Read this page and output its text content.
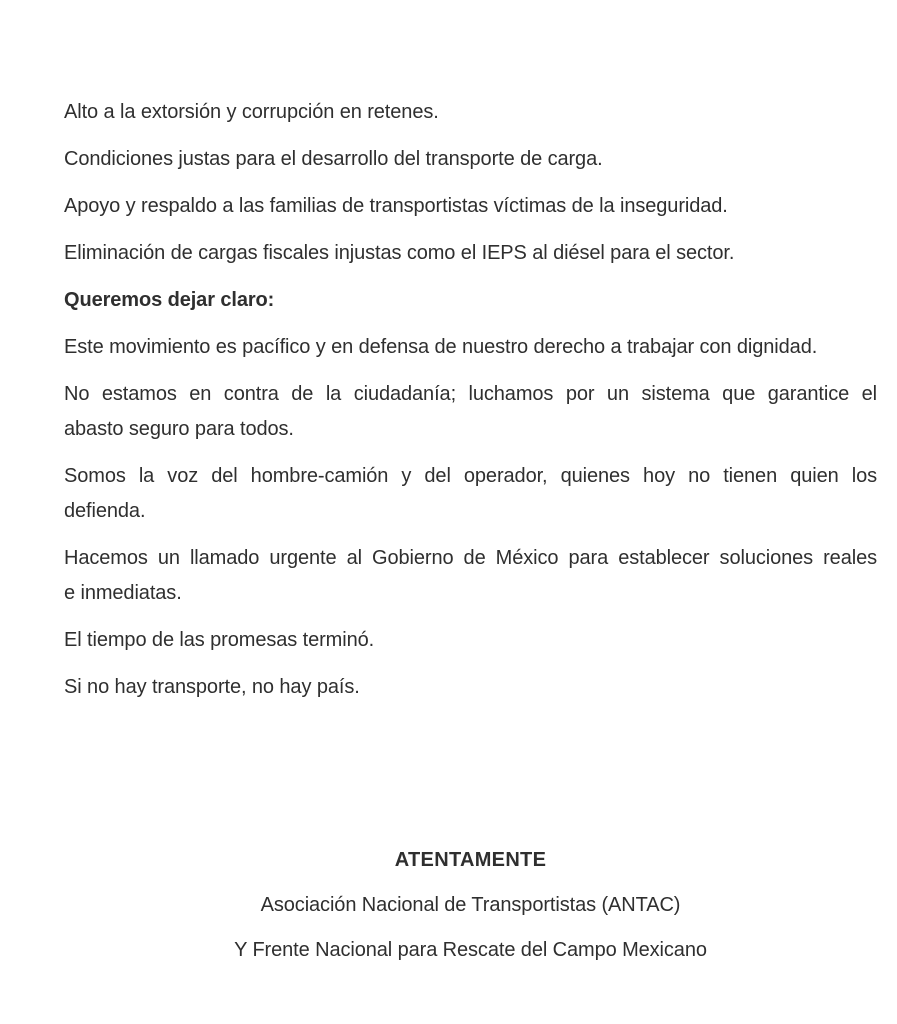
Alto a la extorsión y corrupción en retenes.
Condiciones justas para el desarrollo del transporte de carga.
Apoyo y respaldo a las familias de transportistas víctimas de la inseguridad.
Eliminación de cargas fiscales injustas como el IEPS al diésel para el sector.
Queremos dejar claro:
Este movimiento es pacífico y en defensa de nuestro derecho a trabajar con dignidad.
No estamos en contra de la ciudadanía; luchamos por un sistema que garantice el
abasto seguro para todos.
Somos la voz del hombre-camión y del operador, quienes hoy no tienen quien los
defienda.
Hacemos un llamado urgente al Gobierno de México para establecer soluciones reales
e inmediatas.
El tiempo de las promesas terminó.
Si no hay transporte, no hay país.
ATENTAMENTE
Asociación Nacional de Transportistas (ANTAC)
Y Frente Nacional para Rescate del Campo Mexicano
